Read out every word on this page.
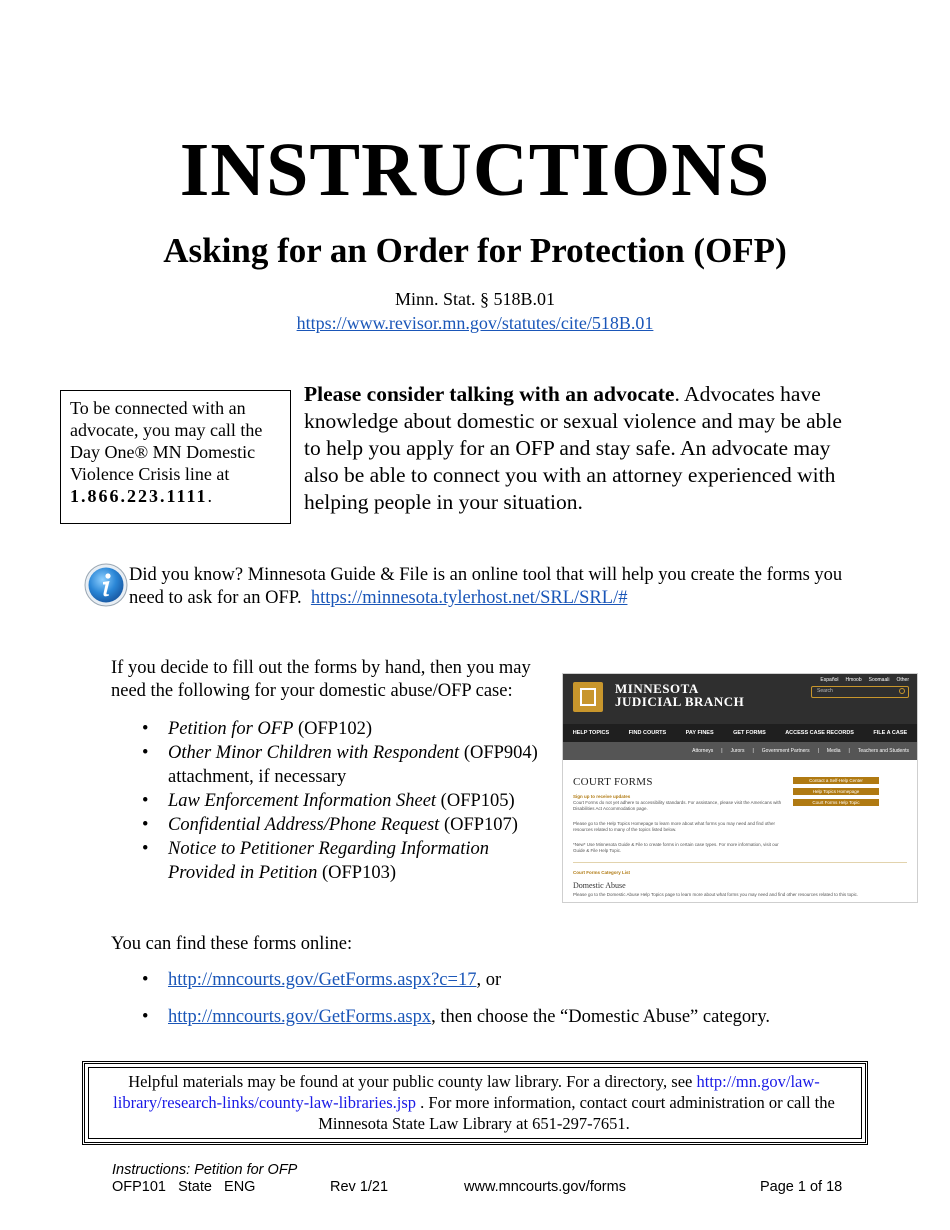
INSTRUCTIONS
Asking for an Order for Protection (OFP)
Minn. Stat. § 518B.01
https://www.revisor.mn.gov/statutes/cite/518B.01
To be connected with an advocate, you may call the Day One® MN Domestic Violence Crisis line at 1.866.223.1111.
Please consider talking with an advocate. Advocates have knowledge about domestic or sexual violence and may be able to help you apply for an OFP and stay safe. An advocate may also be able to connect you with an attorney experienced with helping people in your situation.
Did you know? Minnesota Guide & File is an online tool that will help you create the forms you need to ask for an OFP. https://minnesota.tylerhost.net/SRL/SRL/#
If you decide to fill out the forms by hand, then you may need the following for your domestic abuse/OFP case:
• Petition for OFP (OFP102)
• Other Minor Children with Respondent (OFP904) attachment, if necessary
• Law Enforcement Information Sheet (OFP105)
• Confidential Address/Phone Request (OFP107)
• Notice to Petitioner Regarding Information Provided in Petition (OFP103)
MINNESOTA
JUDICIAL BRANCH
Español Hmoob Soomaali Other
Search
HELP TOPICS	FIND COURTS	PAY FINES	GET FORMS	ACCESS CASE RECORDS	FILE A CASE
Attorneys | Jurors | Government Partners | Media | Teachers and Students
COURT FORMS
Sign up to receive updates
Court Forms do not yet adhere to accessibility standards. For assistance, please visit the Americans with Disabilities Act Accommodation page.
Please go to the Help Topics Homepage to learn more about what forms you may need and find other resources related to many of the topics listed below.
*New* Use Minnesota Guide & File to create forms in certain case types. For more information, visit our Guide & File Help Topic.
Contact a Self-Help Center
Help Topics Homepage
Court Forms Help Topic
Court Forms Category List
Domestic Abuse
Please go to the Domestic Abuse Help Topics page to learn more about what forms you may need and find other resources related to this topic.
You can find these forms online:
• http://mncourts.gov/GetForms.aspx?c=17, or
• http://mncourts.gov/GetForms.aspx, then choose the “Domestic Abuse” category.
Helpful materials may be found at your public county law library. For a directory, see http://mn.gov/law-library/research-links/county-law-libraries.jsp . For more information, contact court administration or call the Minnesota State Law Library at 651-297-7651.
Instructions: Petition for OFP
OFP101   State   ENG	Rev 1/21	www.mncourts.gov/forms	Page 1 of 18
